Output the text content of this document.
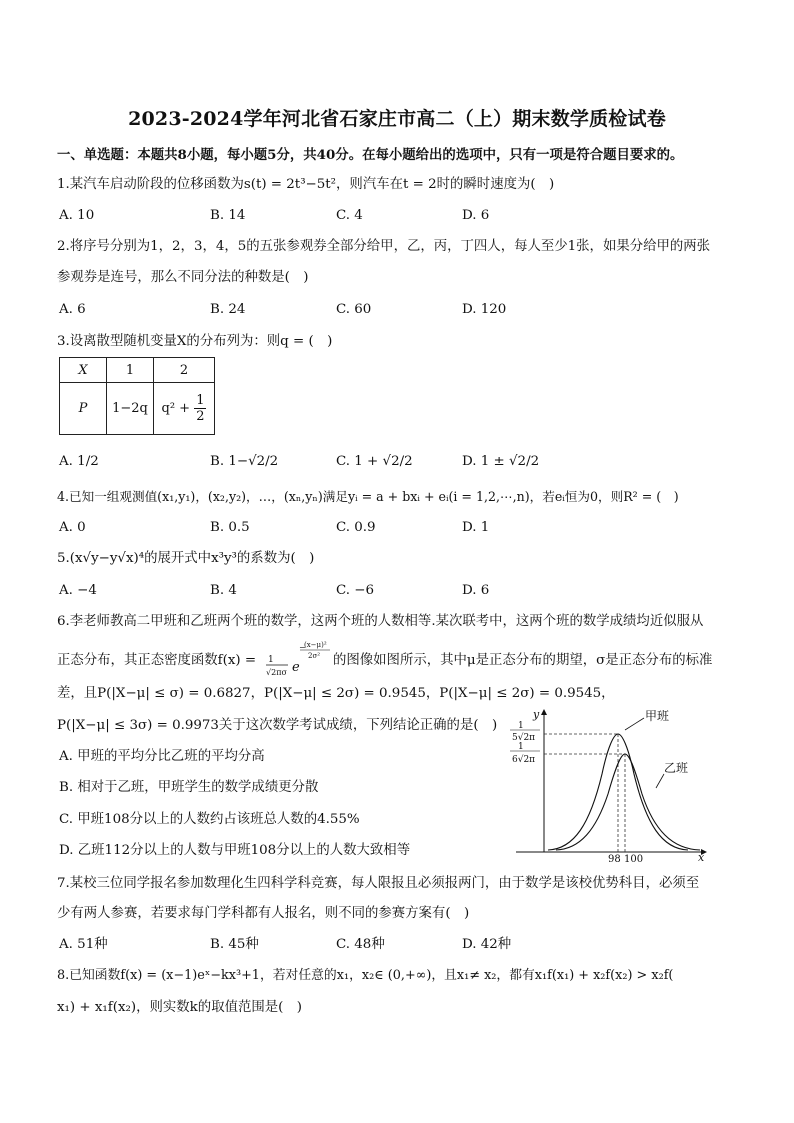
2023-2024学年河北省石家庄市高二（上）期末数学质检试卷
一、单选题：本题共8小题，每小题5分，共40分。在每小题给出的选项中，只有一项是符合题目要求的。
1.某汽车启动阶段的位移函数为s(t) = 2t³−5t²，则汽车在t = 2时的瞬时速度为(　)
A. 10	B. 14	C. 4	D. 6
2.将序号分别为1，2，3，4，5的五张参观券全部分给甲，乙，丙，丁四人，每人至少1张，如果分给甲的两张
参观券是连号，那么不同分法的种数是(　)
A. 6	B. 24	C. 60	D. 120
3.设离散型随机变量X的分布列为：则q = (　)
X	1	2
P	1−2q	$q^2 + \frac{1}{2}$
A. 1/2	B. 1−√2/2	C. 1 + √2/2	D. 1 ± √2/2
4.已知一组观测值(x₁,y₁)，(x₂,y₂)，…，(xₙ,yₙ)满足yᵢ = a + bxᵢ + eᵢ(i = 1,2,⋯,n)，若eᵢ恒为0，则R² = (　)
A. 0	B. 0.5	C. 0.9	D. 1
5.(x√y−y√x)⁴的展开式中x³y³的系数为(　)
A. −4	B. 4	C. −6	D. 6
6.李老师教高二甲班和乙班两个班的数学，这两个班的人数相等.某次联考中，这两个班的数学成绩均近似服从
正态分布，其正态密度函数f(x) = 1
√2πσ e
(x−μ)²
2σ²
−
的图像如图所示，其中μ是正态分布的期望，σ是正态分布的标准
差，且P(|X−μ| ≤ σ) = 0.6827，P(|X−μ| ≤ 2σ) = 0.9545，P(|X−μ| ≤ 2σ) = 0.9545，
P(|X−μ| ≤ 3σ) = 0.9973关于这次数学考试成绩，下列结论正确的是(　)
A. 甲班的平均分比乙班的平均分高
B. 相对于乙班，甲班学生的数学成绩更分散
C. 甲班108分以上的人数约占该班总人数的4.55%
D. 乙班112分以上的人数与甲班108分以上的人数大致相等
y
x
1
5√2π
1
6√2π
甲班
乙班
98 100
7.某校三位同学报名参加数理化生四科学科竞赛，每人限报且必须报两门，由于数学是该校优势科目，必须至
少有两人参赛，若要求每门学科都有人报名，则不同的参赛方案有(　)
A. 51种	B. 45种	C. 48种	D. 42种
8.已知函数f(x) = (x−1)eˣ−kx³+1，若对任意的x₁，x₂∈ (0,+∞)，且x₁≠ x₂，都有x₁f(x₁) + x₂f(x₂) > x₂f(
x₁) + x₁f(x₂)，则实数k的取值范围是(　)
